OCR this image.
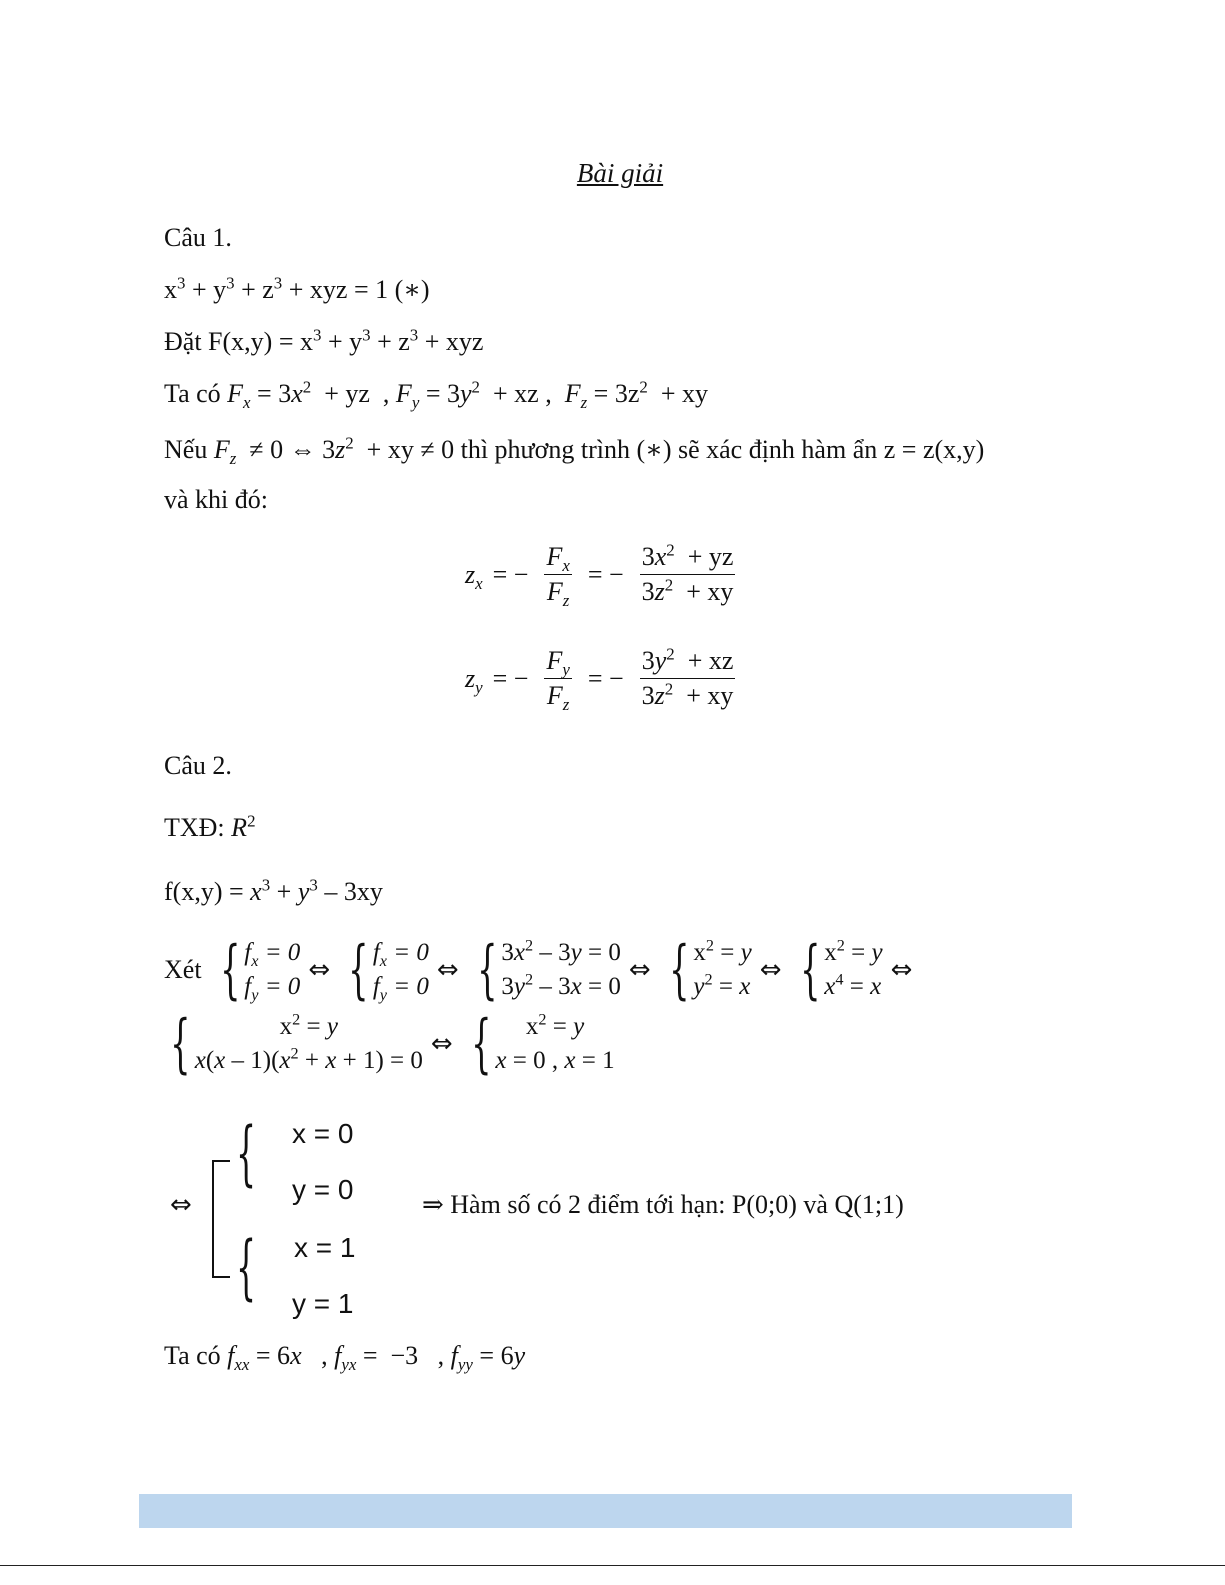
Bài giải
Câu 1.
$x^3 + y^3 + z^3$ + xyz = 1 (∗)
Đặt $F(x,y) = x^3 + y^3 + z^3$ + xyz
Ta có $F_x = 3x^2$  + yz  , $F_y = 3y^2$  + xz ,  $F_z = 3z^2$  + xy
Nếu $F_z \ne 0$ ⇔ $3z^2$  + xy ≠ 0 thì phương trình (∗) sẽ xác định hàm ẩn z = z(x,y)
và khi đó:
$z_x$ = − $\frac{F_x}{F_z}$ = − $\frac{3x^2 + yz}{3z^2 + xy}$
$z_y$ = − $\frac{F_y}{F_z}$ = − $\frac{3y^2 + xz}{3z^2 + xy}$
Câu 2.
TXĐ: $R^2$
$f(x,y) = x^3 + y^3 - 3xy$
Xét { $f_x = 0$
$f_y = 0$
⇔ { $f_x = 0$
$f_y = 0$
⇔ { $3x^2 - 3y = 0$
$3y^2 - 3x = 0$
⇔ { $x^2 = y$
$y^2 = x$
⇔ { $x^2 = y$
$x^4 = x$
⇔
{	$x^2 = y$
$x(x - 1)(x^2 + x + 1) = 0$
⇔ {	$x^2 = y$
x = 0 , x = 1
⇔
{
{
x = 0
y = 0
x = 1
y = 1
⇒ Hàm số có 2 điểm tới hạn: P(0;0) và Q(1;1)
Ta có $f_{xx} = 6x$   , $f_{yx} = -3$   , $f_{yy} = 6y$
